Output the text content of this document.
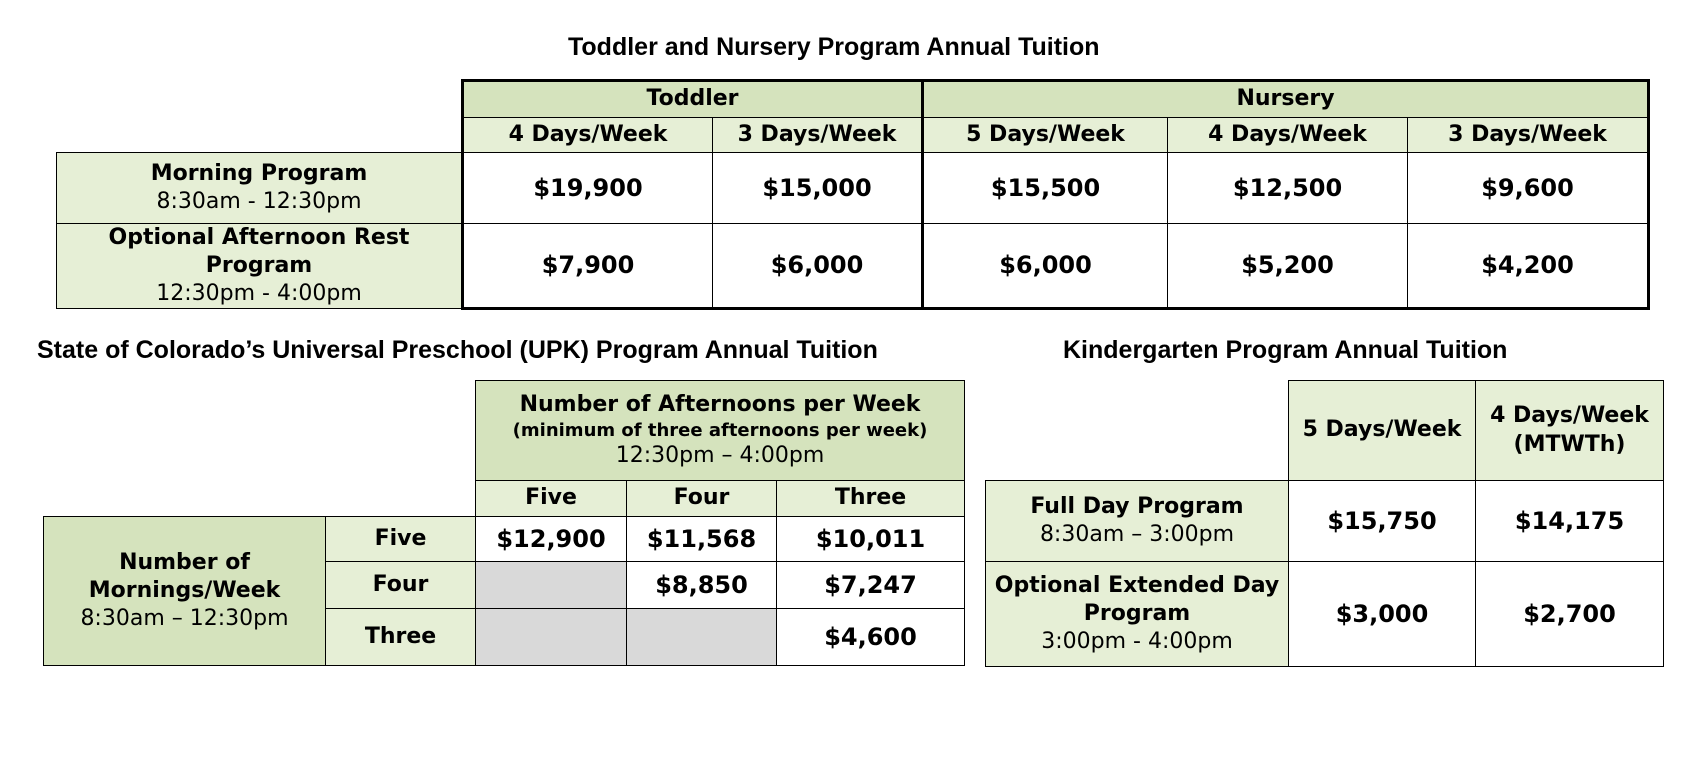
Toddler and Nursery Program Annual Tuition
	Toddler		Nursery		
	4 Days/Week	3 Days/Week	5 Days/Week	4 Days/Week	3 Days/Week

Morning Program
8:30am - 12:30pm	$19,900	$15,000	$15,500	$12,500	$9,600

Optional Afternoon Rest Program
12:30pm - 4:00pm	$7,900	$6,000	$6,000	$5,200	$4,200
State of Colorado’s Universal Preschool (UPK) Program Annual Tuition

		Number of Afternoons per Week
(minimum of three afternoons per week)
12:30pm – 4:00pm		

		Five	Four	Three

Number of
Mornings/Week
8:30am – 12:30pm	Five	$12,900	$11,568	$10,011
	Four		$8,850	$7,247
	Three			$4,600
Kindergarten Program Annual Tuition
	5 Days/Week	4 Days/Week
(MTWTh)

Full Day Program
8:30am – 3:00pm	$15,750	$14,175

Optional Extended Day
Program
3:00pm - 4:00pm	$3,000	$2,700
